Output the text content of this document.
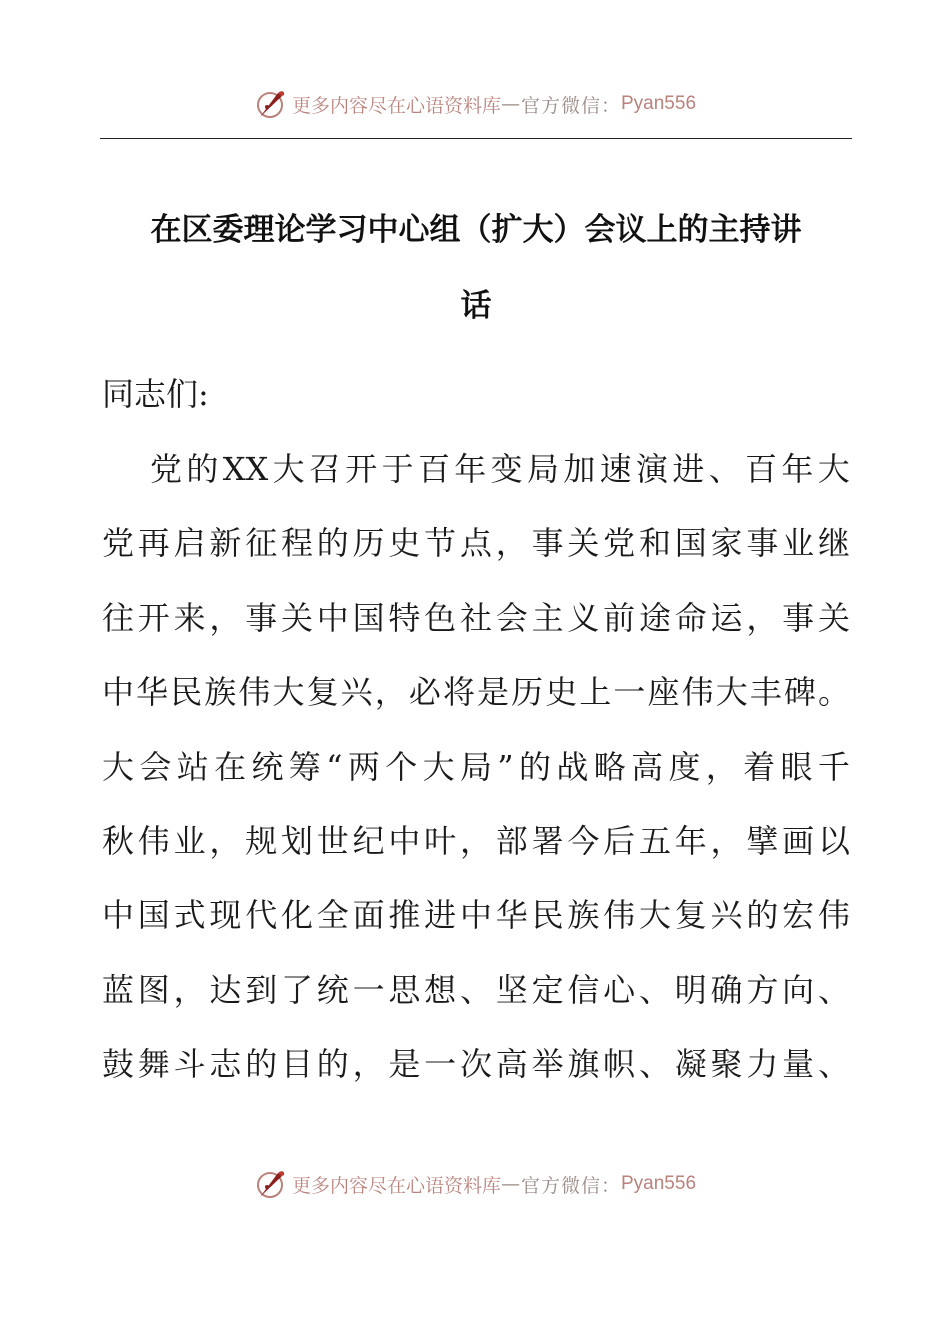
更多内容尽在心语资料库 — 官方微信： Pyan556
在区委理论学习中心组（扩大）会议上的主持讲
话

同志们:

党 的 XX 大 召 开 于 百 年 变 局 加 速 演 进 、 百 年 大
党 再 启 新 征 程 的 历 史 节 点 ， 事 关 党 和 国 家 事 业 继
往 开 来 ， 事 关 中 国 特 色 社 会 主 义 前 途 命 运 ， 事 关
中 华 民 族 伟 大 复 兴 ， 必 将 是 历 史 上 一 座 伟 大 丰 碑 。
大 会 站 在 统 筹 “ 两 个 大 局 ” 的 战 略 高 度 ， 着 眼 千
秋 伟 业 ， 规 划 世 纪 中 叶 ， 部 署 今 后 五 年 ， 擘 画 以
中 国 式 现 代 化 全 面 推 进 中 华 民 族 伟 大 复 兴 的 宏 伟
蓝 图 ， 达 到 了 统 一 思 想 、 坚 定 信 心 、 明 确 方 向 、
鼓 舞 斗 志 的 目 的 ， 是 一 次 高 举 旗 帜 、 凝 聚 力 量 、
更多内容尽在心语资料库 — 官方微信： Pyan556
